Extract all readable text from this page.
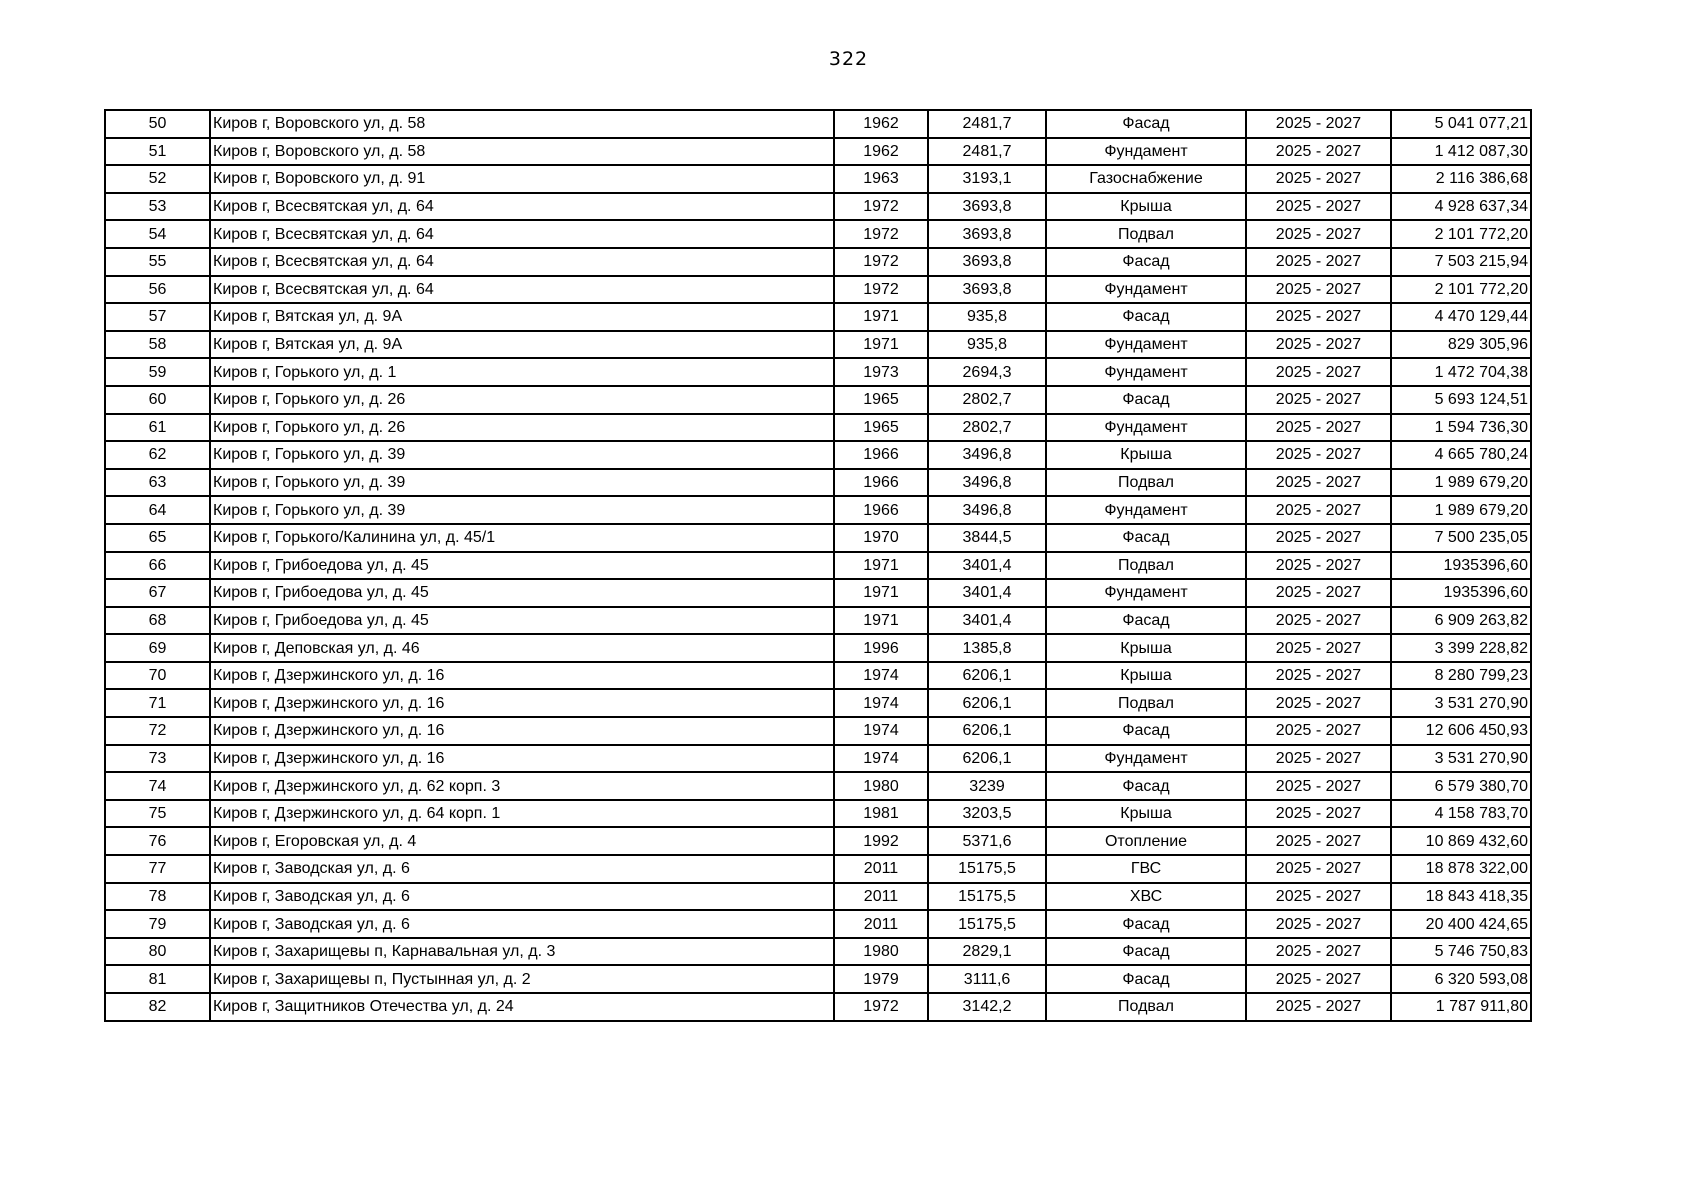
322
50	Киров г, Воровского ул, д. 58	1962	2481,7	Фасад	2025 - 2027	5 041 077,21
51	Киров г, Воровского ул, д. 58	1962	2481,7	Фундамент	2025 - 2027	1 412 087,30
52	Киров г, Воровского ул, д. 91	1963	3193,1	Газоснабжение	2025 - 2027	2 116 386,68
53	Киров г, Всесвятская ул, д. 64	1972	3693,8	Крыша	2025 - 2027	4 928 637,34
54	Киров г, Всесвятская ул, д. 64	1972	3693,8	Подвал	2025 - 2027	2 101 772,20
55	Киров г, Всесвятская ул, д. 64	1972	3693,8	Фасад	2025 - 2027	7 503 215,94
56	Киров г, Всесвятская ул, д. 64	1972	3693,8	Фундамент	2025 - 2027	2 101 772,20
57	Киров г, Вятская ул, д. 9А	1971	935,8	Фасад	2025 - 2027	4 470 129,44
58	Киров г, Вятская ул, д. 9А	1971	935,8	Фундамент	2025 - 2027	829 305,96
59	Киров г, Горького ул, д. 1	1973	2694,3	Фундамент	2025 - 2027	1 472 704,38
60	Киров г, Горького ул, д. 26	1965	2802,7	Фасад	2025 - 2027	5 693 124,51
61	Киров г, Горького ул, д. 26	1965	2802,7	Фундамент	2025 - 2027	1 594 736,30
62	Киров г, Горького ул, д. 39	1966	3496,8	Крыша	2025 - 2027	4 665 780,24
63	Киров г, Горького ул, д. 39	1966	3496,8	Подвал	2025 - 2027	1 989 679,20
64	Киров г, Горького ул, д. 39	1966	3496,8	Фундамент	2025 - 2027	1 989 679,20
65	Киров г, Горького/Калинина ул, д. 45/1	1970	3844,5	Фасад	2025 - 2027	7 500 235,05
66	Киров г, Грибоедова ул, д. 45	1971	3401,4	Подвал	2025 - 2027	1935396,60
67	Киров г, Грибоедова ул, д. 45	1971	3401,4	Фундамент	2025 - 2027	1935396,60
68	Киров г, Грибоедова ул, д. 45	1971	3401,4	Фасад	2025 - 2027	6 909 263,82
69	Киров г, Деповская ул, д. 46	1996	1385,8	Крыша	2025 - 2027	3 399 228,82
70	Киров г, Дзержинского ул, д. 16	1974	6206,1	Крыша	2025 - 2027	8 280 799,23
71	Киров г, Дзержинского ул, д. 16	1974	6206,1	Подвал	2025 - 2027	3 531 270,90
72	Киров г, Дзержинского ул, д. 16	1974	6206,1	Фасад	2025 - 2027	12 606 450,93
73	Киров г, Дзержинского ул, д. 16	1974	6206,1	Фундамент	2025 - 2027	3 531 270,90
74	Киров г, Дзержинского ул, д. 62 корп. 3	1980	3239	Фасад	2025 - 2027	6 579 380,70
75	Киров г, Дзержинского ул, д. 64 корп. 1	1981	3203,5	Крыша	2025 - 2027	4 158 783,70
76	Киров г, Егоровская ул, д. 4	1992	5371,6	Отопление	2025 - 2027	10 869 432,60
77	Киров г, Заводская ул, д. 6	2011	15175,5	ГВС	2025 - 2027	18 878 322,00
78	Киров г, Заводская ул, д. 6	2011	15175,5	ХВС	2025 - 2027	18 843 418,35
79	Киров г, Заводская ул, д. 6	2011	15175,5	Фасад	2025 - 2027	20 400 424,65
80	Киров г, Захарищевы п, Карнавальная ул, д. 3	1980	2829,1	Фасад	2025 - 2027	5 746 750,83
81	Киров г, Захарищевы п, Пустынная ул, д. 2	1979	3111,6	Фасад	2025 - 2027	6 320 593,08
82	Киров г, Защитников Отечества ул, д. 24	1972	3142,2	Подвал	2025 - 2027	1 787 911,80
